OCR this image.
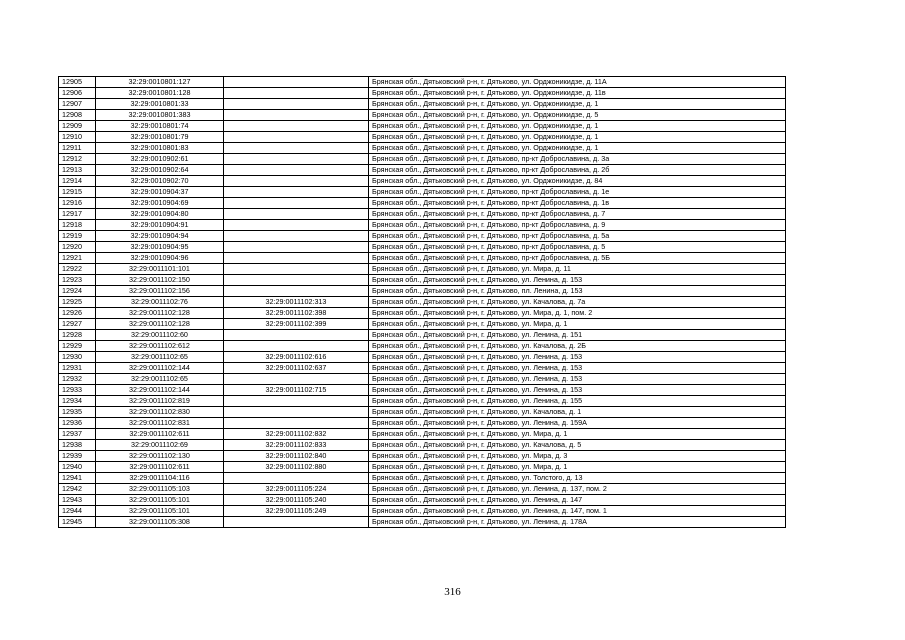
12905	32:29:0010801:127		Брянская обл., Дятьковский р-н, г. Дятьково, ул. Орджоникидзе, д. 11А
12906	32:29:0010801:128		Брянская обл., Дятьковский р-н, г. Дятьково, ул. Орджоникидзе, д. 11в
12907	32:29:0010801:33		Брянская обл., Дятьковский р-н, г. Дятьково, ул. Орджоникидзе, д. 1
12908	32:29:0010801:383		Брянская обл., Дятьковский р-н, г. Дятьково, ул. Орджоникидзе, д. 5
12909	32:29:0010801:74		Брянская обл., Дятьковский р-н, г. Дятьково, ул. Орджоникидзе, д. 1
12910	32:29:0010801:79		Брянская обл., Дятьковский р-н, г. Дятьково, ул. Орджоникидзе, д. 1
12911	32:29:0010801:83		Брянская обл., Дятьковский р-н, г. Дятьково, ул. Орджоникидзе, д. 1
12912	32:29:0010902:61		Брянская обл., Дятьковский р-н, г. Дятьково, пр-кт Доброславина, д. 3а
12913	32:29:0010902:64		Брянская обл., Дятьковский р-н, г. Дятьково, пр-кт Доброславина, д. 2б
12914	32:29:0010902:70		Брянская обл., Дятьковский р-н, г. Дятьково, ул. Орджоникидзе, д. 84
12915	32:29:0010904:37		Брянская обл., Дятьковский р-н, г. Дятьково, пр-кт Доброславина, д. 1е
12916	32:29:0010904:69		Брянская обл., Дятьковский р-н, г. Дятьково, пр-кт Доброславина, д. 1в
12917	32:29:0010904:80		Брянская обл., Дятьковский р-н, г. Дятьково, пр-кт Доброславина, д. 7
12918	32:29:0010904:91		Брянская обл., Дятьковский р-н, г. Дятьково, пр-кт Доброславина, д. 9
12919	32:29:0010904:94		Брянская обл., Дятьковский р-н, г. Дятьково, пр-кт Доброславина, д. 5а
12920	32:29:0010904:95		Брянская обл., Дятьковский р-н, г. Дятьково, пр-кт Доброславина, д. 5
12921	32:29:0010904:96		Брянская обл., Дятьковский р-н, г. Дятьково, пр-кт Доброславина, д. 5Б
12922	32:29:0011101:101		Брянская обл., Дятьковский р-н, г. Дятьково, ул. Мира, д. 11
12923	32:29:0011102:150		Брянская обл., Дятьковский р-н, г. Дятьково, ул. Ленина, д. 153
12924	32:29:0011102:156		Брянская обл., Дятьковский р-н, г. Дятьково, пл. Ленина, д. 153
12925	32:29:0011102:76	32:29:0011102:313	Брянская обл., Дятьковский р-н, г. Дятьково, ул. Качалова, д. 7а
12926	32:29:0011102:128	32:29:0011102:398	Брянская обл., Дятьковский р-н, г. Дятьково, ул. Мира, д. 1, пом. 2
12927	32:29:0011102:128	32:29:0011102:399	Брянская обл., Дятьковский р-н, г. Дятьково, ул. Мира, д. 1
12928	32:29:0011102:60		Брянская обл., Дятьковский р-н, г. Дятьково, ул. Ленина, д. 151
12929	32:29:0011102:612		Брянская обл., Дятьковский р-н, г. Дятьково, ул. Качалова, д. 2Б
12930	32:29:0011102:65	32:29:0011102:616	Брянская обл., Дятьковский р-н, г. Дятьково, ул. Ленина, д. 153
12931	32:29:0011102:144	32:29:0011102:637	Брянская обл., Дятьковский р-н, г. Дятьково, ул. Ленина, д. 153
12932	32:29:0011102:65		Брянская обл., Дятьковский р-н, г. Дятьково, ул. Ленина, д. 153
12933	32:29:0011102:144	32:29:0011102:715	Брянская обл., Дятьковский р-н, г. Дятьково, ул. Ленина, д. 153
12934	32:29:0011102:819		Брянская обл., Дятьковский р-н, г. Дятьково, ул. Ленина, д. 155
12935	32:29:0011102:830		Брянская обл., Дятьковский р-н, г. Дятьково, ул. Качалова, д. 1
12936	32:29:0011102:831		Брянская обл., Дятьковский р-н, г. Дятьково, ул. Ленина, д. 159А
12937	32:29:0011102:611	32:29:0011102:832	Брянская обл., Дятьковский р-н, г. Дятьково, ул. Мира, д. 1
12938	32:29:0011102:69	32:29:0011102:833	Брянская обл., Дятьковский р-н, г. Дятьково, ул. Качалова, д. 5
12939	32:29:0011102:130	32:29:0011102:840	Брянская обл., Дятьковский р-н, г. Дятьково, ул. Мира, д. 3
12940	32:29:0011102:611	32:29:0011102:880	Брянская обл., Дятьковский р-н, г. Дятьково, ул. Мира, д. 1
12941	32:29:0011104:116		Брянская обл., Дятьковский р-н, г. Дятьково, ул. Толстого, д. 13
12942	32:29:0011105:103	32:29:0011105:224	Брянская обл., Дятьковский р-н, г. Дятьково, ул. Ленина, д. 137, пом. 2
12943	32:29:0011105:101	32:29:0011105:240	Брянская обл., Дятьковский р-н, г. Дятьково, ул. Ленина, д. 147
12944	32:29:0011105:101	32:29:0011105:249	Брянская обл., Дятьковский р-н, г. Дятьково, ул. Ленина, д. 147, пом. 1
12945	32:29:0011105:308		Брянская обл., Дятьковский р-н, г. Дятьково, ул. Ленина, д. 178А
316
